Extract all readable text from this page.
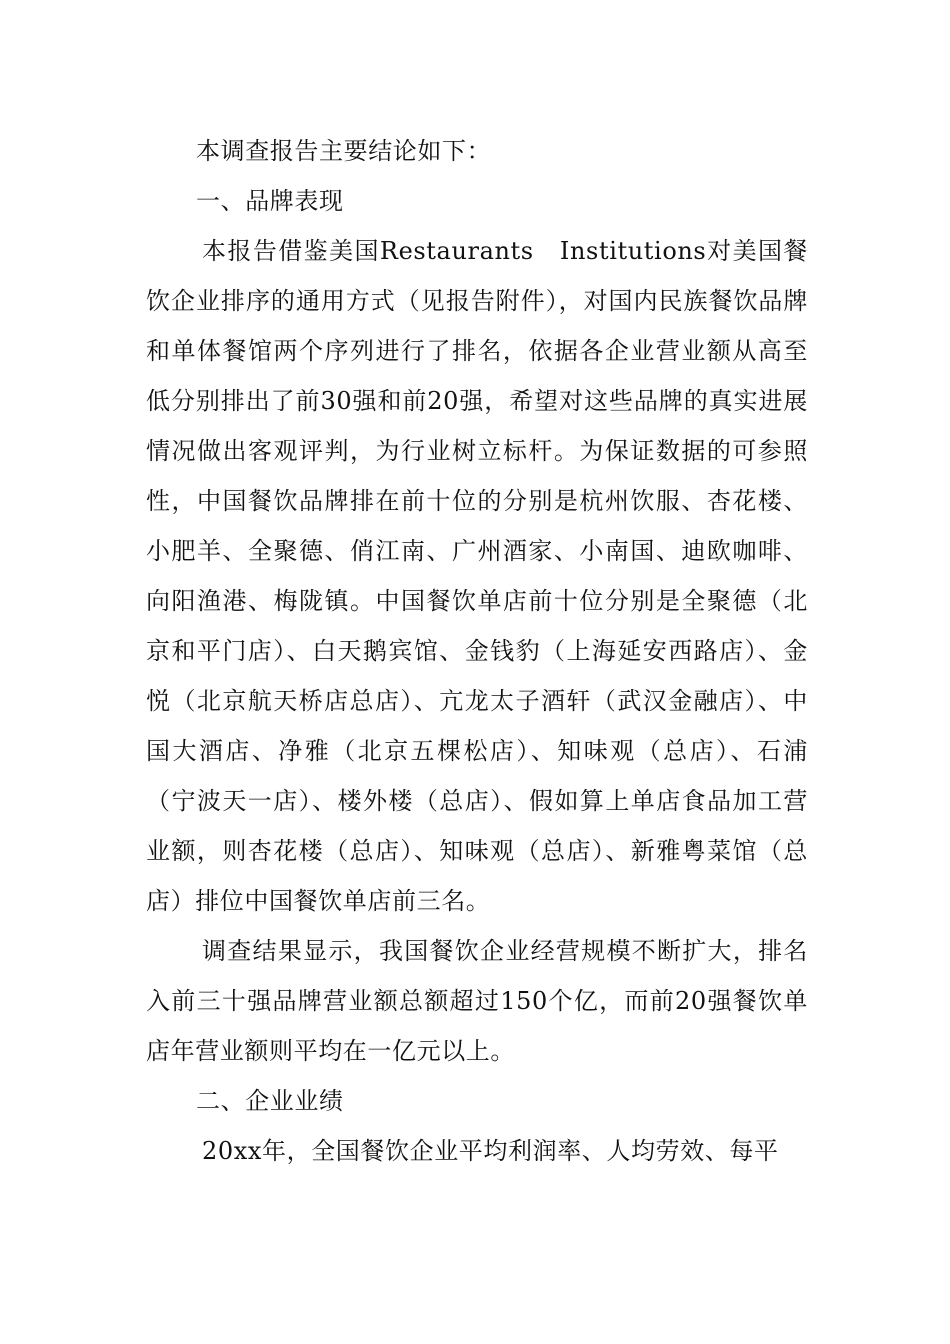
本调查报告主要结论如下：

一、品牌表现

本报告借鉴美国Restaurants　Institutions对美国餐饮企业排序的通用方式（见报告附件），对国内民族餐饮品牌和单体餐馆两个序列进行了排名，依据各企业营业额从高至低分别排出了前30强和前20强，希望对这些品牌的真实进展情况做出客观评判，为行业树立标杆。为保证数据的可参照性，中国餐饮品牌排在前十位的分别是杭州饮服、杏花楼、小肥羊、全聚德、俏江南、广州酒家、小南国、迪欧咖啡、向阳渔港、梅陇镇。中国餐饮单店前十位分别是全聚德（北京和平门店）、白天鹅宾馆、金钱豹（上海延安西路店）、金悦（北京航天桥店总店）、亢龙太子酒轩（武汉金融店）、中国大酒店、净雅（北京五棵松店）、知味观（总店）、石浦（宁波天一店）、楼外楼（总店）、假如算上单店食品加工营业额，则杏花楼（总店）、知味观（总店）、新雅粤菜馆（总店）排位中国餐饮单店前三名。

调查结果显示，我国餐饮企业经营规模不断扩大，排名入前三十强品牌营业额总额超过150个亿，而前20强餐饮单店年营业额则平均在一亿元以上。

二、企业业绩

20xx年，全国餐饮企业平均利润率、人均劳效、每平
